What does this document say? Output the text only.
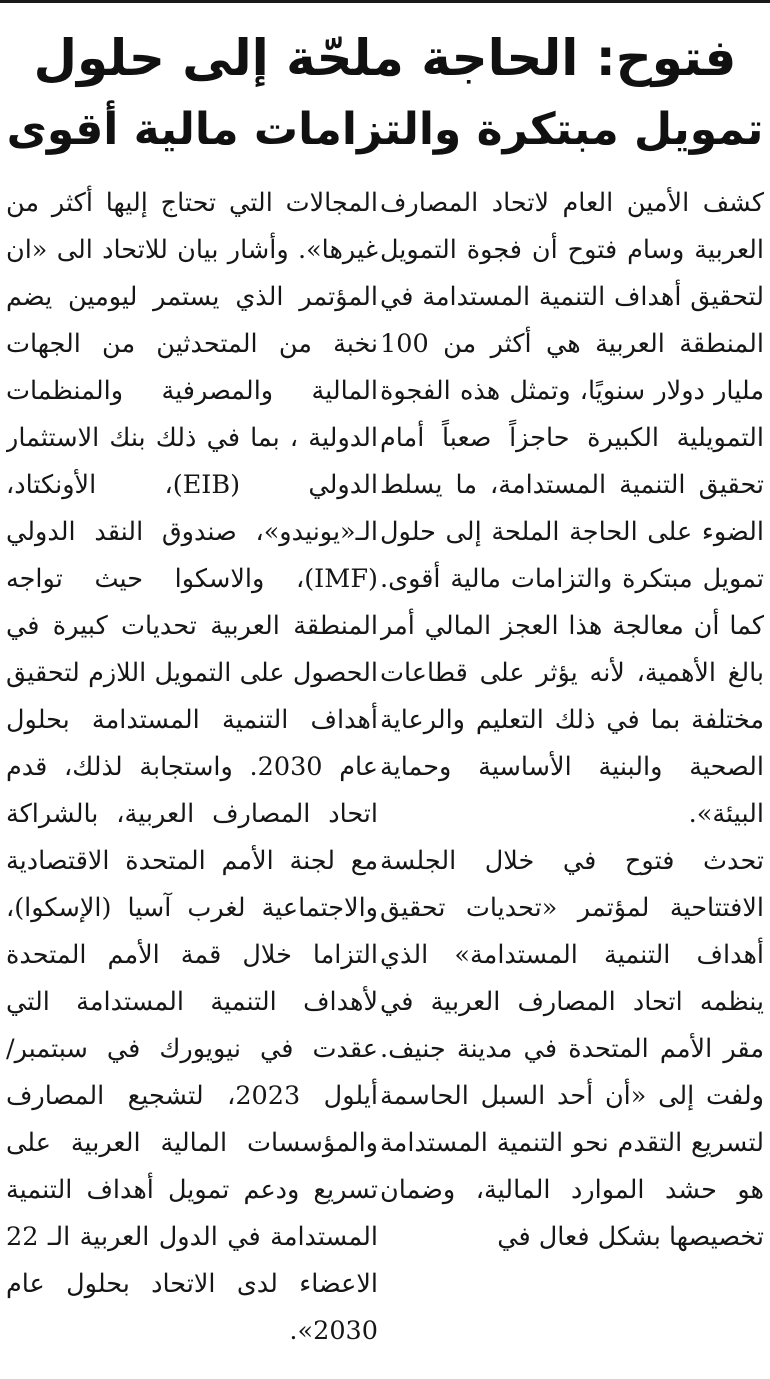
فتوح: الحاجة ملحّة إلى حلول
تمويل مبتكرة والتزامات مالية أقوى

كشف الأمين العام لاتحاد المصارف العربية وسام فتوح أن فجوة التمويل لتحقيق أهداف التنمية المستدامة في المنطقة العربية هي أكثر من 100 مليار دولار سنويًا، وتمثل هذه الفجوة التمويلية الكبيرة حاجزاً صعباً أمام تحقيق التنمية المستدامة، ما يسلط الضوء على الحاجة الملحة إلى حلول تمويل مبتكرة والتزامات مالية أقوى. كما أن معالجة هذا العجز المالي أمر بالغ الأهمية، لأنه يؤثر على قطاعات مختلفة بما في ذلك التعليم والرعاية الصحية والبنية الأساسية وحماية البيئة».

تحدث فتوح في خلال الجلسة الافتتاحية لمؤتمر «تحديات تحقيق أهداف التنمية المستدامة» الذي ينظمه اتحاد المصارف العربية في مقر الأمم المتحدة في مدينة جنيف. ولفت إلى «أن أحد السبل الحاسمة لتسريع التقدم نحو التنمية المستدامة هو حشد الموارد المالية، وضمان تخصيصها بشكل فعال في

المجالات التي تحتاج إليها أكثر من غيرها». وأشار بيان للاتحاد الى «ان المؤتمر الذي يستمر ليومين يضم نخبة من المتحدثين من الجهات المالية والمصرفية والمنظمات الدولية ، بما في ذلك بنك الاستثمار الدولي (EIB)، الأونكتاد، الـ«يونيدو»، صندوق النقد الدولي (IMF)، والاسكوا حيث تواجه المنطقة العربية تحديات كبيرة في الحصول على التمويل اللازم لتحقيق أهداف التنمية المستدامة بحلول عام 2030. واستجابة لذلك، قدم اتحاد المصارف العربية، بالشراكة مع لجنة الأمم المتحدة الاقتصادية والاجتماعية لغرب آسيا (الإسكوا)، التزاما خلال قمة الأمم المتحدة لأهداف التنمية المستدامة التي عقدت في نيويورك في سبتمبر/أيلول 2023، لتشجيع المصارف والمؤسسات المالية العربية على تسريع ودعم تمويل أهداف التنمية المستدامة في الدول العربية الـ 22 الاعضاء لدى الاتحاد بحلول عام 2030».
